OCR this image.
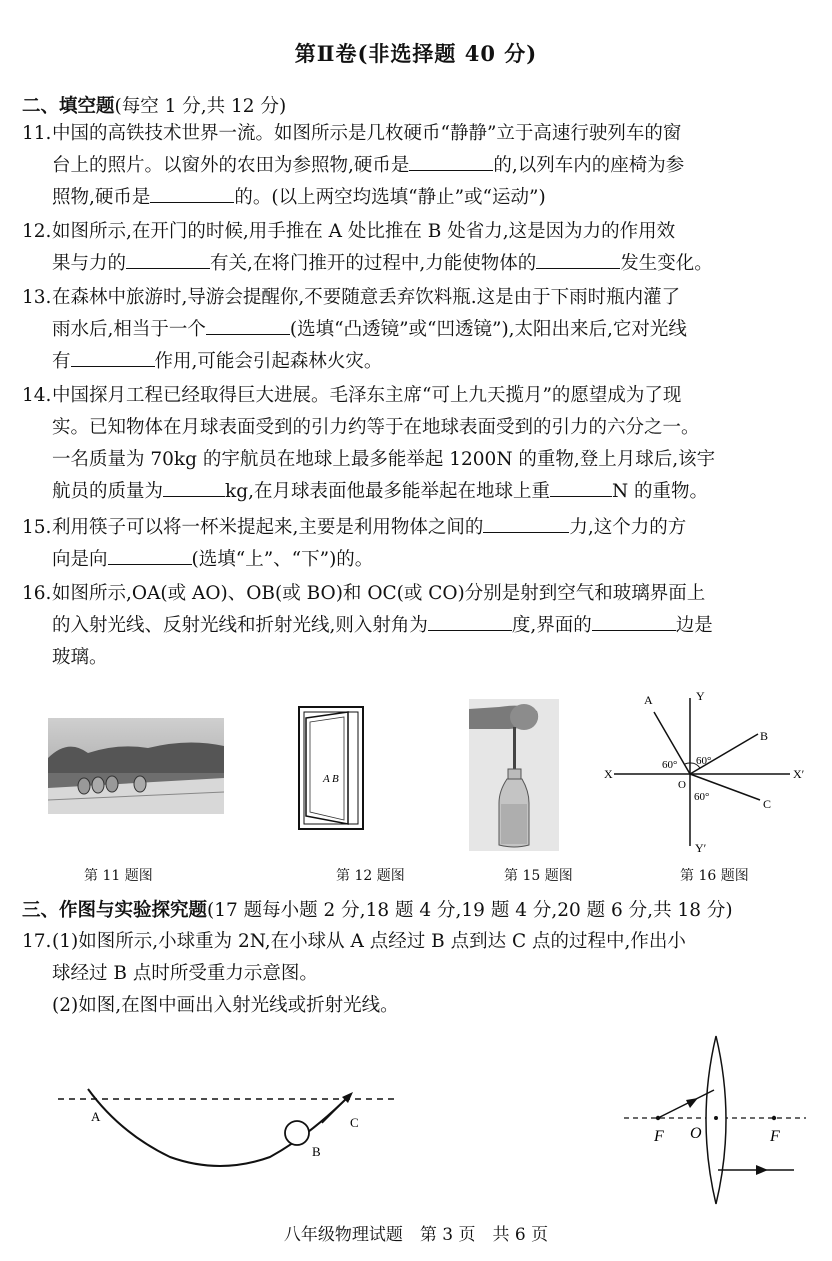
第Ⅱ卷(非选择题 40 分)
二、填空题(每空 1 分,共 12 分)
11.中国的高铁技术世界一流。如图所示是几枚硬币“静静”立于高速行驶列车的窗
台上的照片。以窗外的农田为参照物,硬币是	的,以列车内的座椅为参
照物,硬币是	的。(以上两空均选填“静止”或“运动”)
12.如图所示,在开门的时候,用手推在 A 处比推在 B 处省力,这是因为力的作用效
果与力的	有关,在将门推开的过程中,力能使物体的	发生变化。
13.在森林中旅游时,导游会提醒你,不要随意丢弃饮料瓶.这是由于下雨时瓶内灌了
雨水后,相当于一个	(选填“凸透镜”或“凹透镜”),太阳出来后,它对光线
有	作用,可能会引起森林火灾。
14.中国探月工程已经取得巨大进展。毛泽东主席“可上九天揽月”的愿望成为了现
实。已知物体在月球表面受到的引力约等于在地球表面受到的引力的六分之一。
一名质量为 70kg 的宇航员在地球上最多能举起 1200N 的重物,登上月球后,该宇
航员的质量为	kg,在月球表面他最多能举起在地球上重	N 的重物。
15.利用筷子可以将一杯米提起来,主要是利用物体之间的	力,这个力的方
向是向	(选填“上”、“下”)的。
16.如图所示,OA(或 AO)、OB(或 BO)和 OC(或 CO)分别是射到空气和玻璃界面上
的入射光线、反射光线和折射光线,则入射角为	度,界面的	边是
玻璃。
第 11 题图
A B
第 12 题图	第 15 题图
A	Y
B
X	X′
C
Y′
O
60° 60°
60°
第 16 题图
三、作图与实验探究题(17 题每小题 2 分,18 题 4 分,19 题 4 分,20 题 6 分,共 18 分)
17.(1)如图所示,小球重为 2N,在小球从 A 点经过 B 点到达 C 点的过程中,作出小
球经过 B 点时所受重力示意图。
(2)如图,在图中画出入射光线或折射光线。
A
B
C
F O	F
八年级物理试题　第 3 页　共 6 页
